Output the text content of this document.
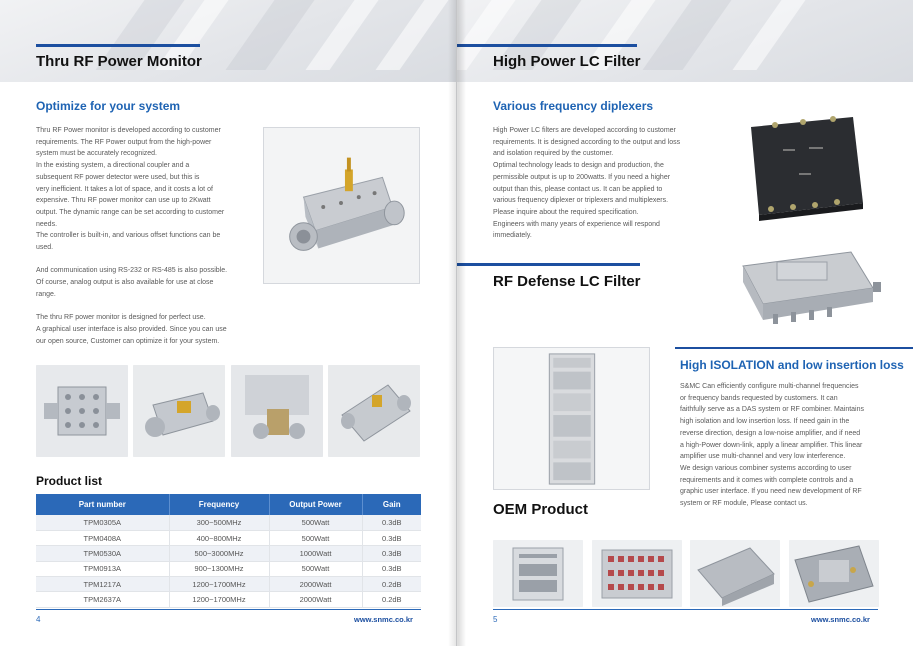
Thru RF Power Monitor
Optimize for your system

Thru RF Power monitor is developed according to customer

requirements. The RF Power output from the high-power

system must be accurately recognized.

In the existing system, a directional coupler and a

subsequent RF power detector were used, but this is

very inefficient. It takes a lot of space, and it costs a lot of

expensive. Thru RF power monitor can use up to 2Kwatt

output. The dynamic range can be set according to customer

needs.

The controller is built-in, and various offset functions can be

used.

And communication using RS-232 or RS-485 is also possible.

Of course, analog output is also available for use at close

range.

The thru RF power monitor is designed for perfect use.

A graphical user interface is also provided. Since you can use

our open source, Customer can optimize it for your system.

Product list
Part number	Frequency	Output Power	Gain
TPM0305A	300~500MHz	500Watt	0.3dB
TPM0408A	400~800MHz	500Watt	0.3dB
TPM0530A	500~3000MHz	1000Watt	0.3dB
TPM0913A	900~1300MHz	500Watt	0.3dB
TPM1217A	1200~1700MHz	2000Watt	0.2dB
TPM2637A	1200~1700MHz	2000Watt	0.2dB
4	www.snmc.co.kr
High Power LC Filter
Various frequency diplexers

High Power LC filters are developed according to customer

requirements. It is designed according to the output and loss

and isolation required by the customer.

Optimal technology leads to design and production, the

permissible output is up to 200watts. If you need a higher

output than this, please contact us. It can be applied to

various frequency diplexer or triplexers and multiplexers.

Please inquire about the required specification.

Engineers with many years of experience will respond

immediately.

RF Defense LC Filter
OEM Product
High ISOLATION and low insertion loss

S&MC Can efficiently configure multi-channel frequencies

or frequency bands requested by customers. It can

faithfully serve as a DAS system or RF combiner. Maintains

high isolation and low insertion loss. If need gain in the

reverse direction, design a low-noise amplifier, and if need

a high-Power down-link, apply a linear amplifier. This linear

amplifier use multi-channel and very low interference.

We design various combiner systems according to user

requirements and it comes with complete controls and a

graphic user interface. If you need new development of RF

system or RF module, Please contact us.

5	www.snmc.co.kr
